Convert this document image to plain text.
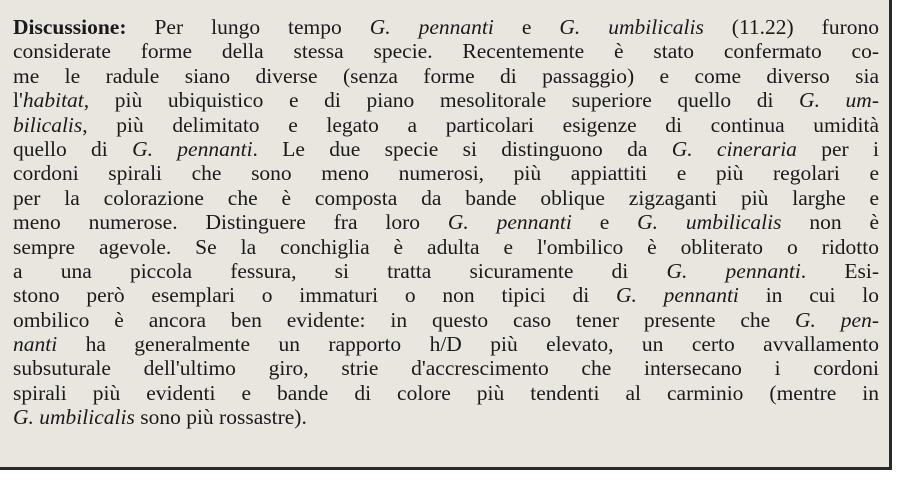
Discussione: Per lungo tempo G. pennanti e G. umbilicalis (11.22) furono
considerate forme della stessa specie. Recentemente è stato confermato co-
me le radule siano diverse (senza forme di passaggio) e come diverso sia
l'habitat, più ubiquistico e di piano mesolitorale superiore quello di G. um-
bilicalis, più delimitato e legato a particolari esigenze di continua umidità
quello di G. pennanti. Le due specie si distinguono da G. cineraria per i
cordoni spirali che sono meno numerosi, più appiattiti e più regolari e
per la colorazione che è composta da bande oblique zigzaganti più larghe e
meno numerose. Distinguere fra loro G. pennanti e G. umbilicalis non è
sempre agevole. Se la conchiglia è adulta e l'ombilico è obliterato o ridotto
a una piccola fessura, si tratta sicuramente di G. pennanti. Esi-
stono però esemplari o immaturi o non tipici di G. pennanti in cui lo
ombilico è ancora ben evidente: in questo caso tener presente che G. pen-
nanti ha generalmente un rapporto h/D più elevato, un certo avvallamento
subsuturale dell'ultimo giro, strie d'accrescimento che intersecano i cordoni
spirali più evidenti e bande di colore più tendenti al carminio (mentre in
G. umbilicalis sono più rossastre).
